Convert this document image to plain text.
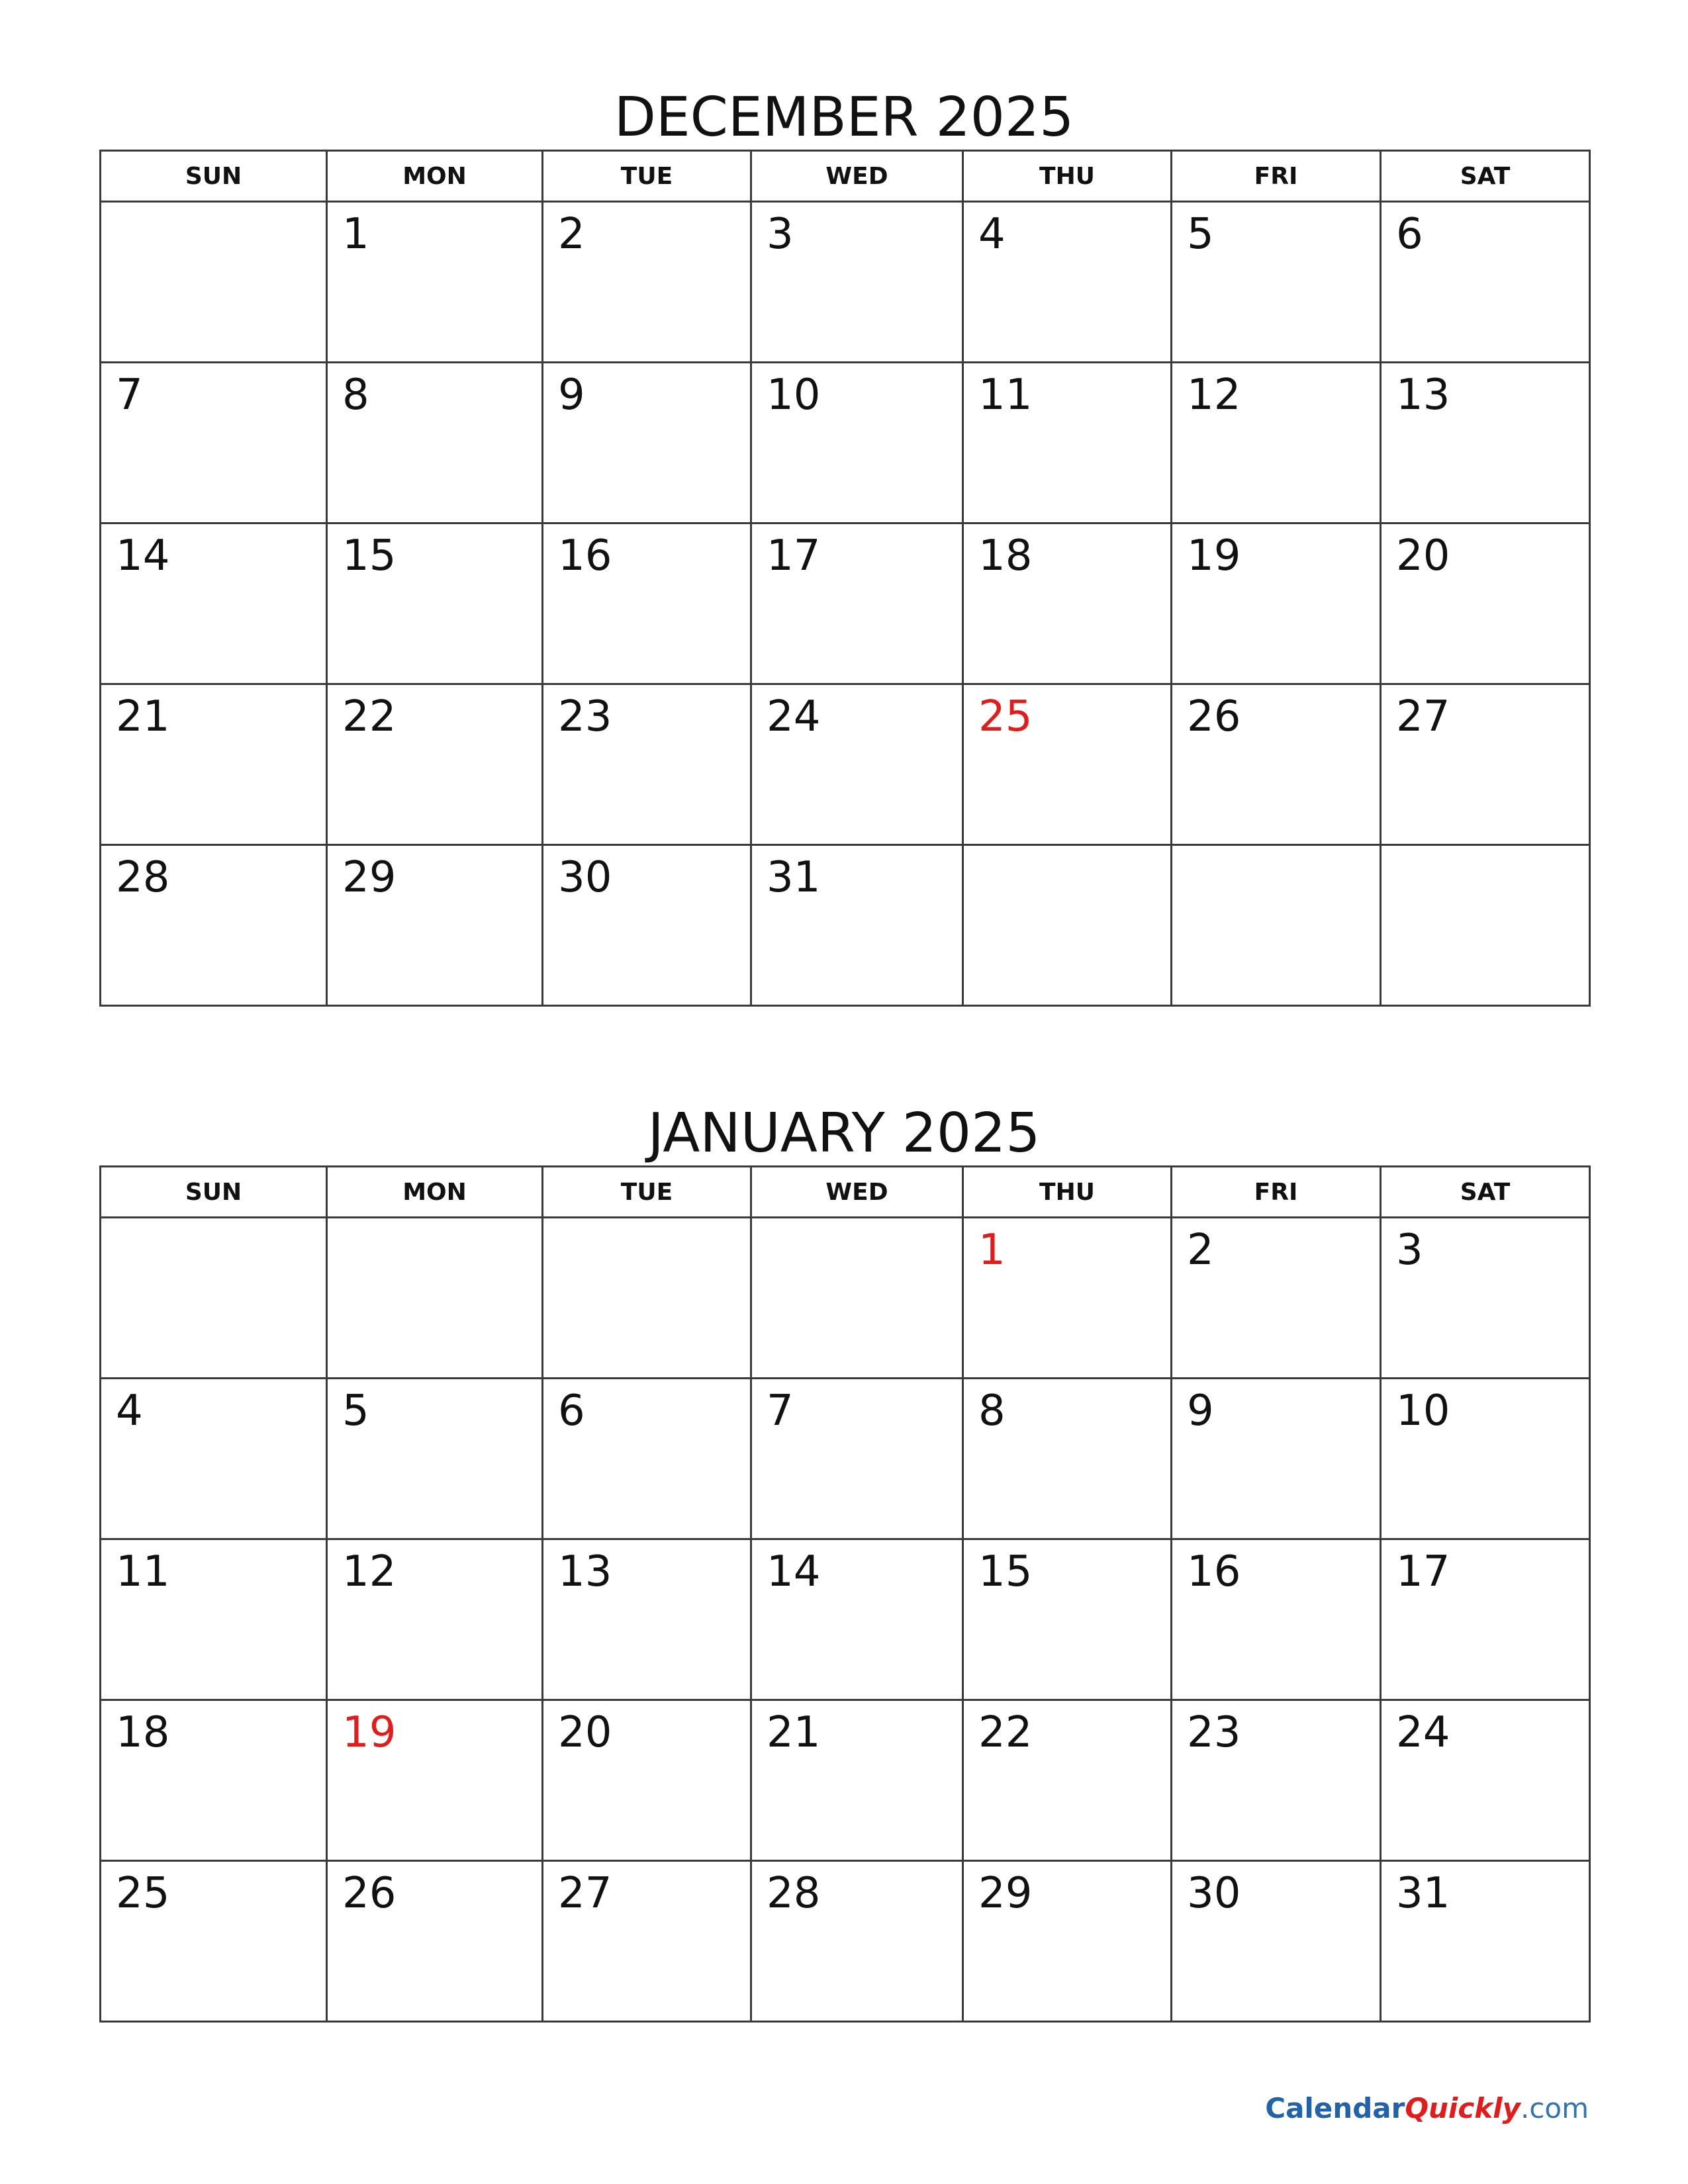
DECEMBER 2025
SUN	MON	TUE	WED	THU	FRI	SAT

	1	2	3	4	5	6

7	8	9	10	11	12	13

14	15	16	17	18	19	20

21	22	23	24	25	26	27

28	29	30	31			

JANUARY 2025
SUN	MON	TUE	WED	THU	FRI	SAT

				1	2	3

4	5	6	7	8	9	10

11	12	13	14	15	16	17

18	19	20	21	22	23	24

25	26	27	28	29	30	31
CalendarQuickly.com
